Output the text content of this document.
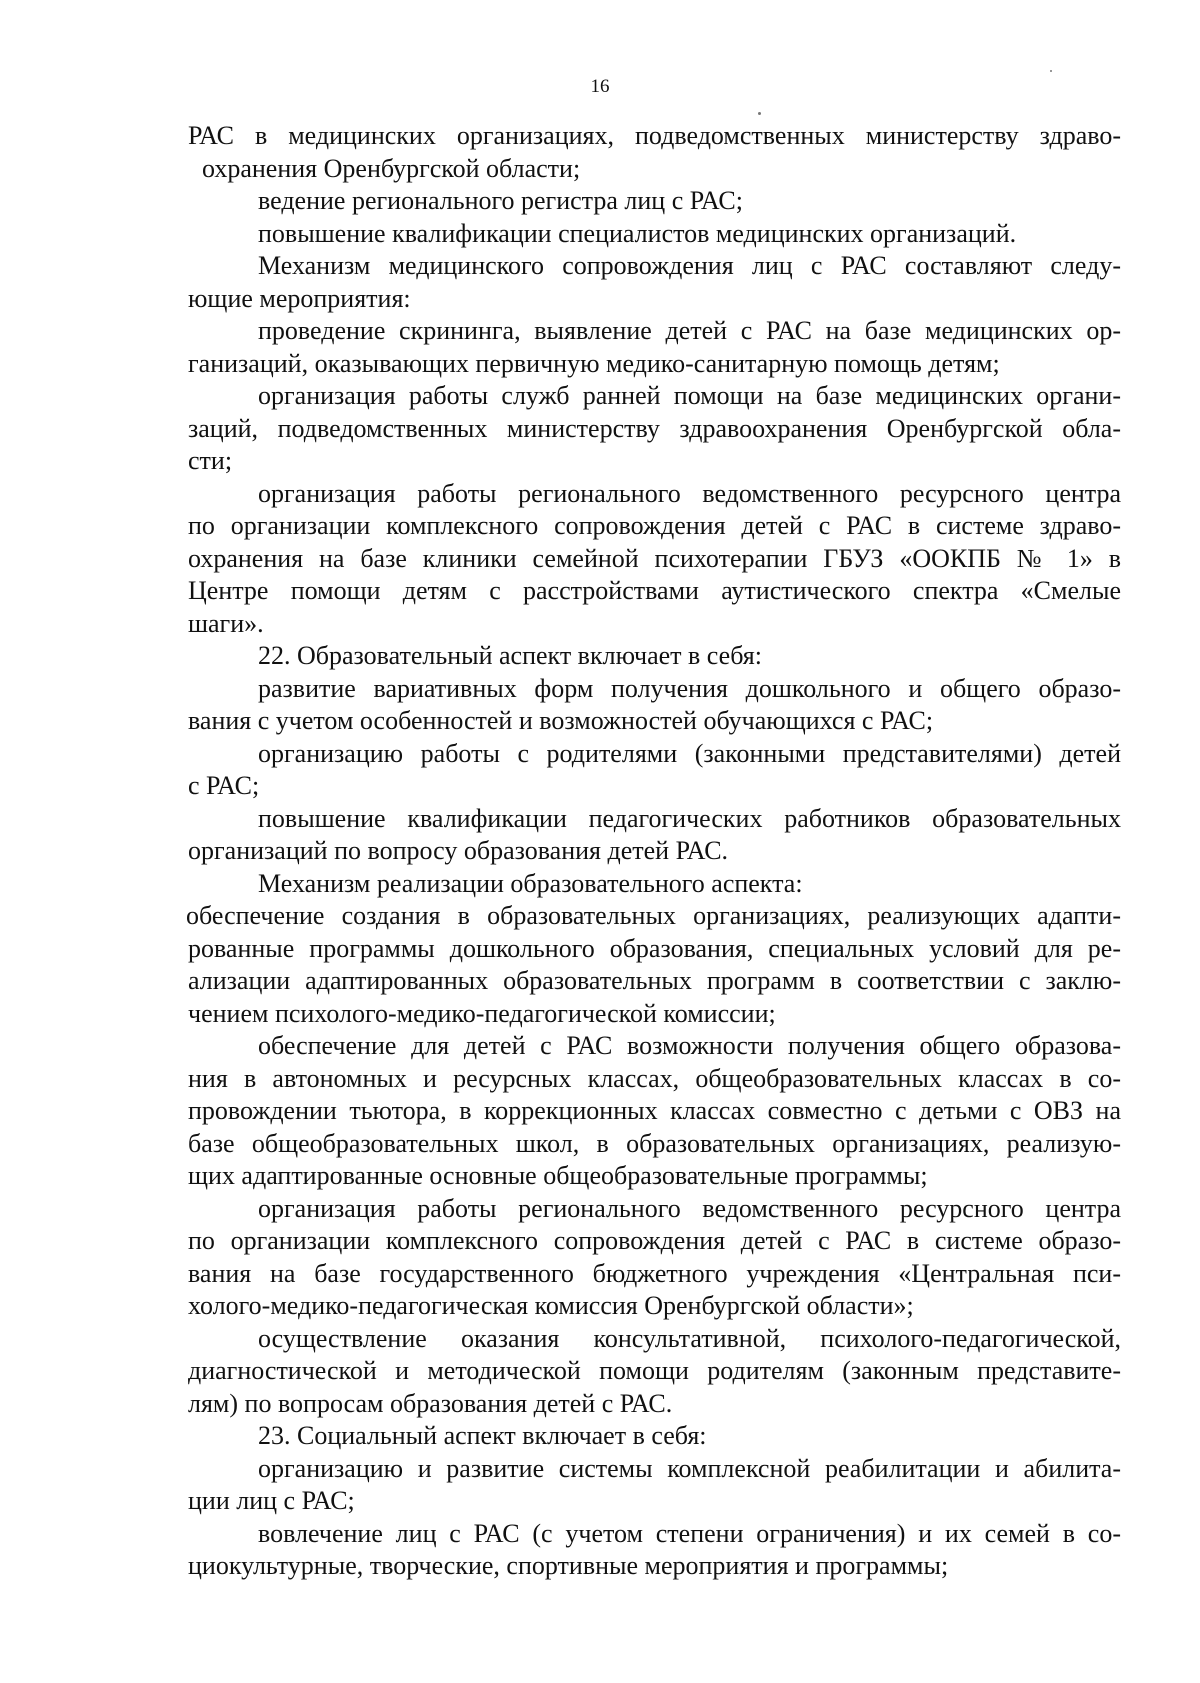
16
РАС в медицинских организациях, подведомственных министерству здраво-
охранения Оренбургской области;
ведение регионального регистра лиц с РАС;
повышение квалификации специалистов медицинских организаций.
Механизм медицинского сопровождения лиц с РАС составляют следу-
ющие мероприятия:
проведение скрининга, выявление детей с РАС на базе медицинских ор-
ганизаций, оказывающих первичную медико-санитарную помощь детям;
организация работы служб ранней помощи на базе медицинских органи-
заций, подведомственных министерству здравоохранения Оренбургской обла-
сти;
организация работы регионального ведомственного ресурсного центра
по организации комплексного сопровождения детей с РАС в системе здраво-
охранения на базе клиники семейной психотерапии ГБУЗ «ООКПБ № 1» в
Центре помощи детям с расстройствами аутистического спектра «Смелые
шаги».
22. Образовательный аспект включает в себя:
развитие вариативных форм получения дошкольного и общего образо-
вания с учетом особенностей и возможностей обучающихся с РАС;
организацию работы с родителями (законными представителями) детей
с РАС;
повышение квалификации педагогических работников образовательных
организаций по вопросу образования детей РАС.
Механизм реализации образовательного аспекта:
обеспечение создания в образовательных организациях, реализующих адапти-
рованные программы дошкольного образования, специальных условий для ре-
ализации адаптированных образовательных программ в соответствии с заклю-
чением психолого-медико-педагогической комиссии;
обеспечение для детей с РАС возможности получения общего образова-
ния в автономных и ресурсных классах, общеобразовательных классах в со-
провождении тьютора, в коррекционных классах совместно с детьми с ОВЗ на
базе общеобразовательных школ, в образовательных организациях, реализую-
щих адаптированные основные общеобразовательные программы;
организация работы регионального ведомственного ресурсного центра
по организации комплексного сопровождения детей с РАС в системе образо-
вания на базе государственного бюджетного учреждения «Центральная пси-
холого-медико-педагогическая комиссия Оренбургской области»;
осуществление оказания консультативной, психолого-педагогической,
диагностической и методической помощи родителям (законным представите-
лям) по вопросам образования детей с РАС.
23. Социальный аспект включает в себя:
организацию и развитие системы комплексной реабилитации и абилита-
ции лиц с РАС;
вовлечение лиц с РАС (с учетом степени ограничения) и их семей в со-
циокультурные, творческие, спортивные мероприятия и программы;
